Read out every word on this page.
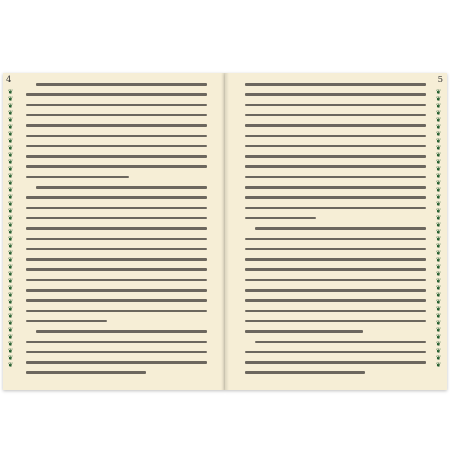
4
❦
❦
❦
❦
❦
❦
❦
❦
❦
❦
❦
❦
❦
❦
❦
❦
❦
❦
❦
❦
❦
❦
❦
❦
❦
❦
❦
❦
❦
❦
❦
❦
❦
❦
❦
❦
❦
❦
❦
❦
5
❦
❦
❦
❦
❦
❦
❦
❦
❦
❦
❦
❦
❦
❦
❦
❦
❦
❦
❦
❦
❦
❦
❦
❦
❦
❦
❦
❦
❦
❦
❦
❦
❦
❦
❦
❦
❦
❦
❦
❦
